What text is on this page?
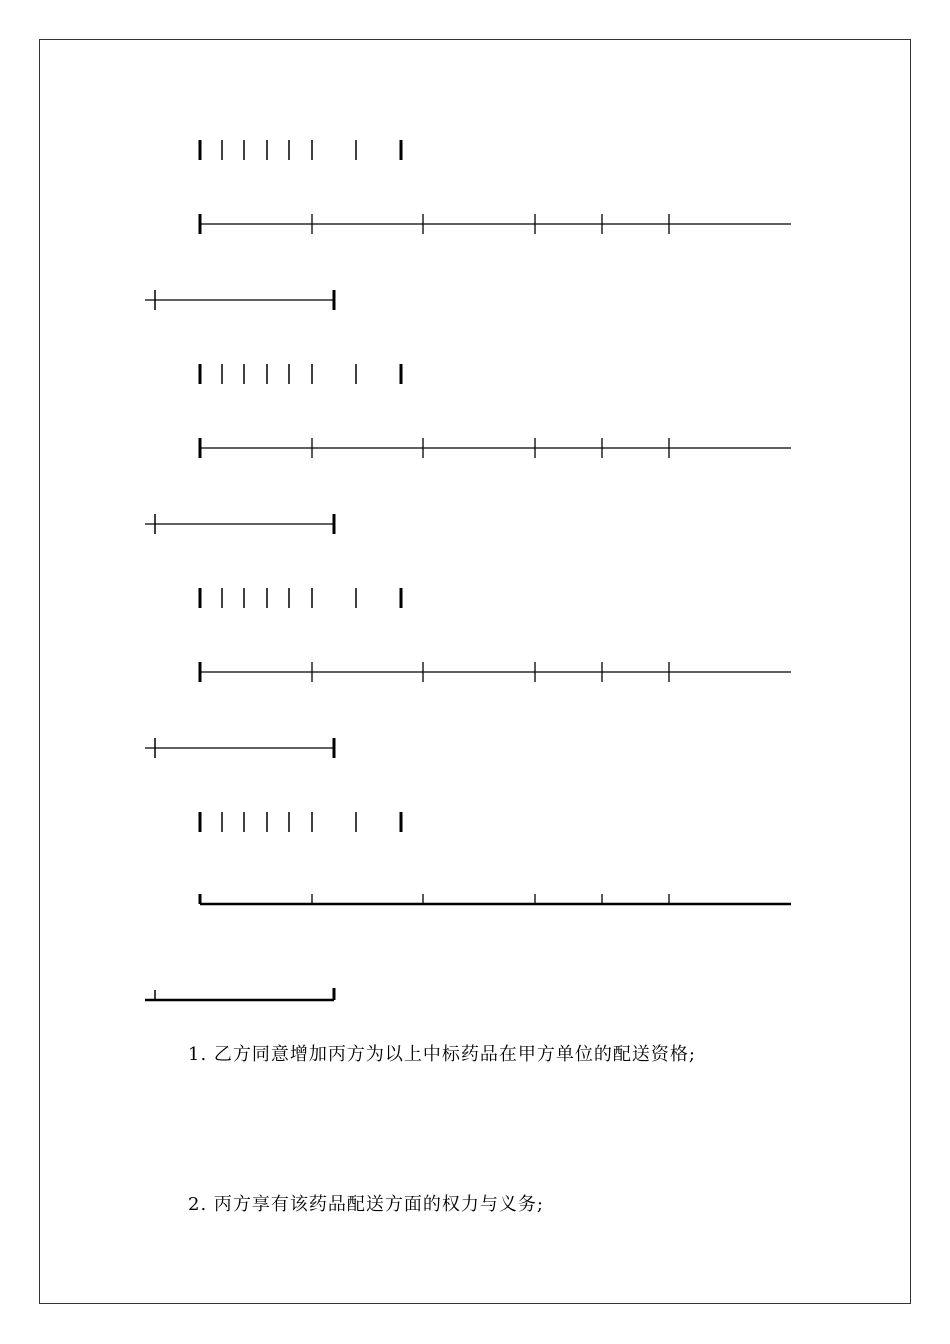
1. 乙方同意增加丙方为以上中标药品在甲方单位的配送资格;
2. 丙方享有该药品配送方面的权力与义务;
